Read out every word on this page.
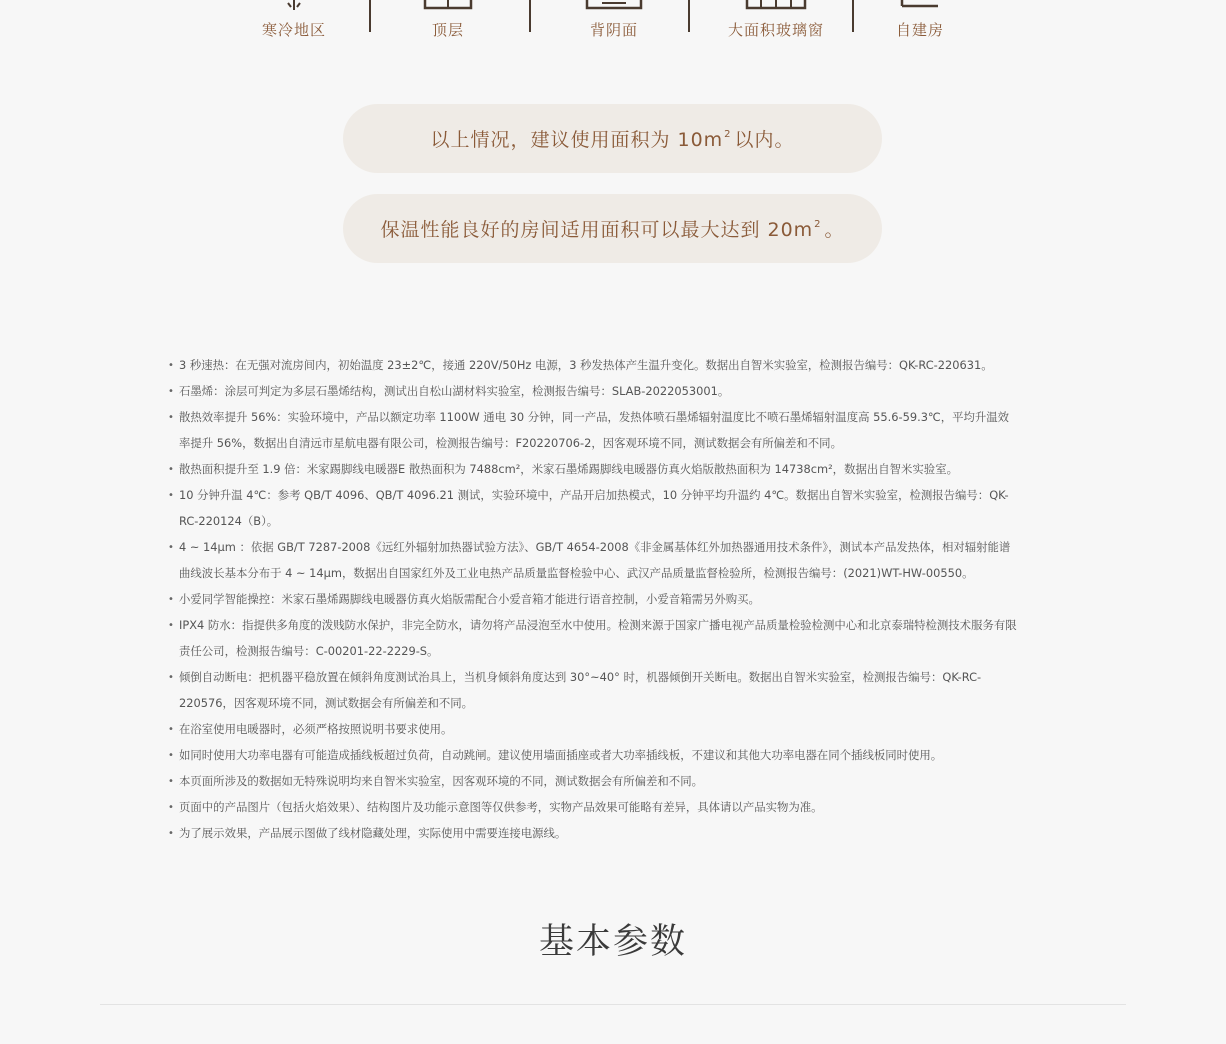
寒冷地区	顶层	背阴面	大面积玻璃窗	自建房
以上情况，建议使用面积为 $10m^2$ 以内。
保温性能良好的房间适用面积可以最大达到 $20m^2$ 。
• 3 秒速热：在无强对流房间内，初始温度 23±2℃，接通 220V/50Hz 电源，3 秒发热体产生温升变化。数据出自智米实验室，检测报告编号：QK-RC-220631。
• 石墨烯：涂层可判定为多层石墨烯结构，测试出自松山湖材料实验室，检测报告编号：SLAB-2022053001。
• 散热效率提升 56%：实验环境中，产品以额定功率 1100W 通电 30 分钟，同一产品，发热体喷石墨烯辐射温度比不喷石墨烯辐射温度高 55.6-59.3℃，平均升温效率提升 56%，数据出自清远市星航电器有限公司，检测报告编号：F20220706-2，因客观环境不同，测试数据会有所偏差和不同。
• 散热面积提升至 1.9 倍：米家踢脚线电暖器E 散热面积为 7488cm²，米家石墨烯踢脚线电暖器仿真火焰版散热面积为 14738cm²，数据出自智米实验室。
• 10 分钟升温 4℃：参考 QB/T 4096、QB/T 4096.21 测试，实验环境中，产品开启加热模式，10 分钟平均升温约 4℃。数据出自智米实验室，检测报告编号：QK-RC-220124（B）。
• 4 ~ 14μm ：依据 GB/T 7287-2008《远红外辐射加热器试验方法》、GB/T 4654-2008《非金属基体红外加热器通用技术条件》，测试本产品发热体，相对辐射能谱曲线波长基本分布于 4 ~ 14μm，数据出自国家红外及工业电热产品质量监督检验中心、武汉产品质量监督检验所，检测报告编号：(2021)WT-HW-00550。
• 小爱同学智能操控：米家石墨烯踢脚线电暖器仿真火焰版需配合小爱音箱才能进行语音控制，小爱音箱需另外购买。
• IPX4 防水：指提供多角度的泼贱防水保护，非完全防水，请勿将产品浸泡至水中使用。检测来源于国家广播电视产品质量检验检测中心和北京泰瑞特检测技术服务有限责任公司，检测报告编号：C-00201-22-2229-S。
• 倾倒自动断电：把机器平稳放置在倾斜角度测试治具上，当机身倾斜角度达到 30°~40° 时，机器倾倒开关断电。数据出自智米实验室，检测报告编号：QK-RC-220576，因客观环境不同，测试数据会有所偏差和不同。
• 在浴室使用电暖器时，必须严格按照说明书要求使用。
• 如同时使用大功率电器有可能造成插线板超过负荷，自动跳闸。建议使用墙面插座或者大功率插线板，不建议和其他大功率电器在同个插线板同时使用。
• 本页面所涉及的数据如无特殊说明均来自智米实验室，因客观环境的不同，测试数据会有所偏差和不同。
• 页面中的产品图片（包括火焰效果）、结构图片及功能示意图等仅供参考，实物产品效果可能略有差异，具体请以产品实物为准。
• 为了展示效果，产品展示图做了线材隐藏处理，实际使用中需要连接电源线。
基本参数
